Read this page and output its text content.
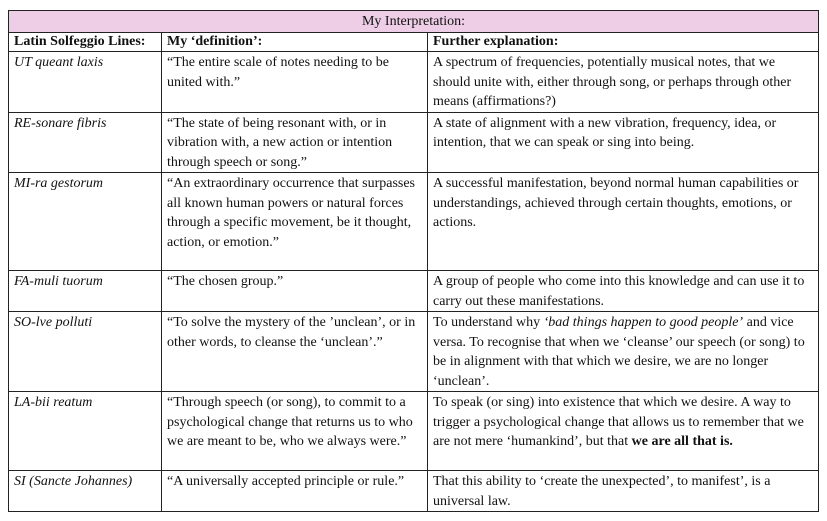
My Interpretation:		
Latin Solfeggio Lines:	My ‘definition’:	Further explanation:
UT queant laxis	“The entire scale of notes needing to be united with.”	A spectrum of frequencies, potentially musical notes, that we should unite with, either through song, or perhaps through other means (affirmations?)
RE-sonare fibris	“The state of being resonant with, or in vibration with, a new action or intention through speech or song.”	A state of alignment with a new vibration, frequency, idea, or intention, that we can speak or sing into being.
MI-ra gestorum	“An extraordinary occurrence that surpasses all known human powers or natural forces through a specific movement, be it thought, action, or emotion.”	A successful manifestation, beyond normal human capabilities or understandings, achieved through certain thoughts, emotions, or actions.
FA-muli tuorum	“The chosen group.”	A group of people who come into this knowledge and can use it to carry out these manifestations.
SO-lve polluti	“To solve the mystery of the ’unclean’, or in other words, to cleanse the ‘unclean’.”	To understand why ‘bad things happen to good people’ and vice versa. To recognise that when we ‘cleanse’ our speech (or song) to be in alignment with that which we desire, we are no longer ‘unclean’.
LA-bii reatum	“Through speech (or song), to commit to a psychological change that returns us to who we are meant to be, who we always were.”	To speak (or sing) into existence that which we desire. A way to trigger a psychological change that allows us to remember that we are not mere ‘humankind’, but that we are all that is.
SI (Sancte Johannes)	“A universally accepted principle or rule.”	That this ability to ‘create the unexpected’, to manifest’, is a universal law.
